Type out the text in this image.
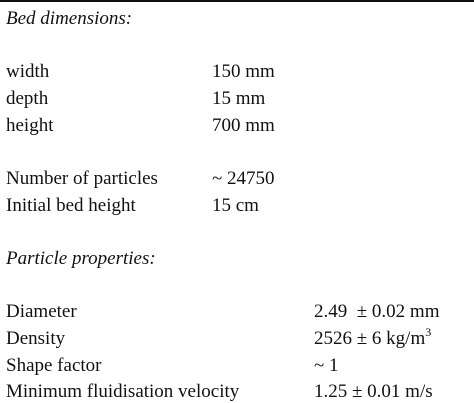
Bed dimensions:
width	150 mm
depth	15 mm
height	700 mm
Number of particles	~ 24750
Initial bed height	15 cm
Particle properties:
Diameter	2.49  ± 0.02 mm
Density	2526 ± 6 $kg/m^3$
Shape factor	~ 1
Minimum fluidisation velocity	1.25 ± 0.01 m/s
